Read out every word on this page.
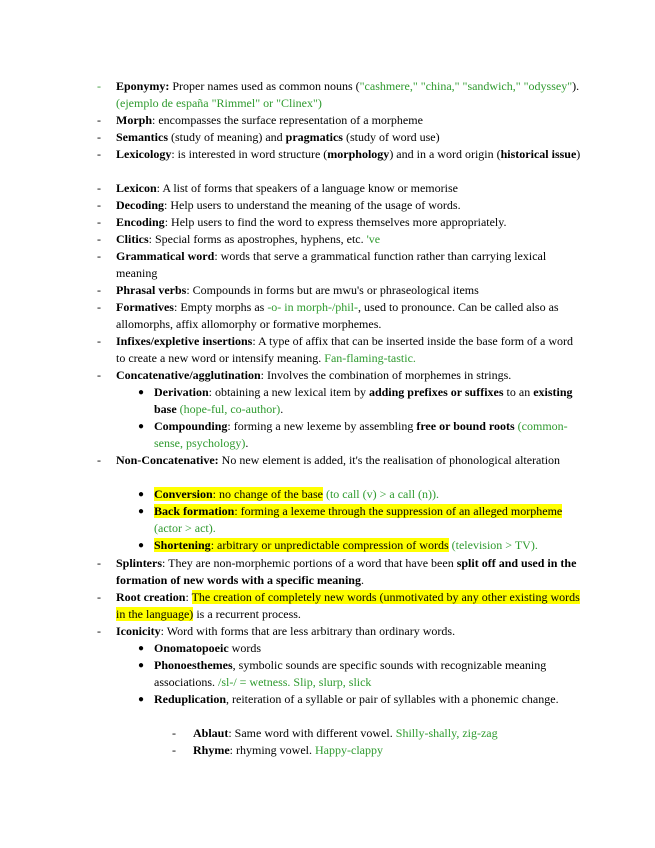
- Eponymy: Proper names used as common nouns ("cashmere," "china," "sandwich," "odyssey"). (ejemplo de españa "Rimmel" or "Clinex")
- Morph: encompasses the surface representation of a morpheme
- Semantics (study of meaning) and pragmatics (study of word use)
- Lexicology: is interested in word structure (morphology) and in a word origin (historical issue)
- Lexicon: A list of forms that speakers of a language know or memorise
- Decoding: Help users to understand the meaning of the usage of words.
- Encoding: Help users to find the word to express themselves more appropriately.
- Clitics: Special forms as apostrophes, hyphens, etc. 've
- Grammatical word: words that serve a grammatical function rather than carrying lexical meaning
- Phrasal verbs: Compounds in forms but are mwu's or phraseological items
- Formatives: Empty morphs as -o- in morph-/phil-, used to pronounce. Can be called also as allomorphs, affix allomorphy or formative morphemes.
- Infixes/expletive insertions: A type of affix that can be inserted inside the base form of a word to create a new word or intensify meaning. Fan-flaming-tastic.
- Concatenative/agglutination: Involves the combination of morphemes in strings.
● Derivation: obtaining a new lexical item by adding prefixes or suffixes to an existing base (hope-ful, co-author).
● Compounding: forming a new lexeme by assembling free or bound roots (common-sense, psychology).
- Non-Concatenative: No new element is added, it's the realisation of phonological alteration
● Conversion: no change of the base (to call (v) > a call (n)).
● Back formation: forming a lexeme through the suppression of an alleged morpheme (actor > act).
● Shortening: arbitrary or unpredictable compression of words (television > TV).
- Splinters: They are non-morphemic portions of a word that have been split off and used in the formation of new words with a specific meaning.
- Root creation: The creation of completely new words (unmotivated by any other existing words in the language) is a recurrent process.
- Iconicity: Word with forms that are less arbitrary than ordinary words.
● Onomatopoeic words
● Phonoesthemes, symbolic sounds are specific sounds with recognizable meaning associations. /sl-/ = wetness. Slip, slurp, slick
● Reduplication, reiteration of a syllable or pair of syllables with a phonemic change.
- Ablaut: Same word with different vowel. Shilly-shally, zig-zag
- Rhyme: rhyming vowel. Happy-clappy
